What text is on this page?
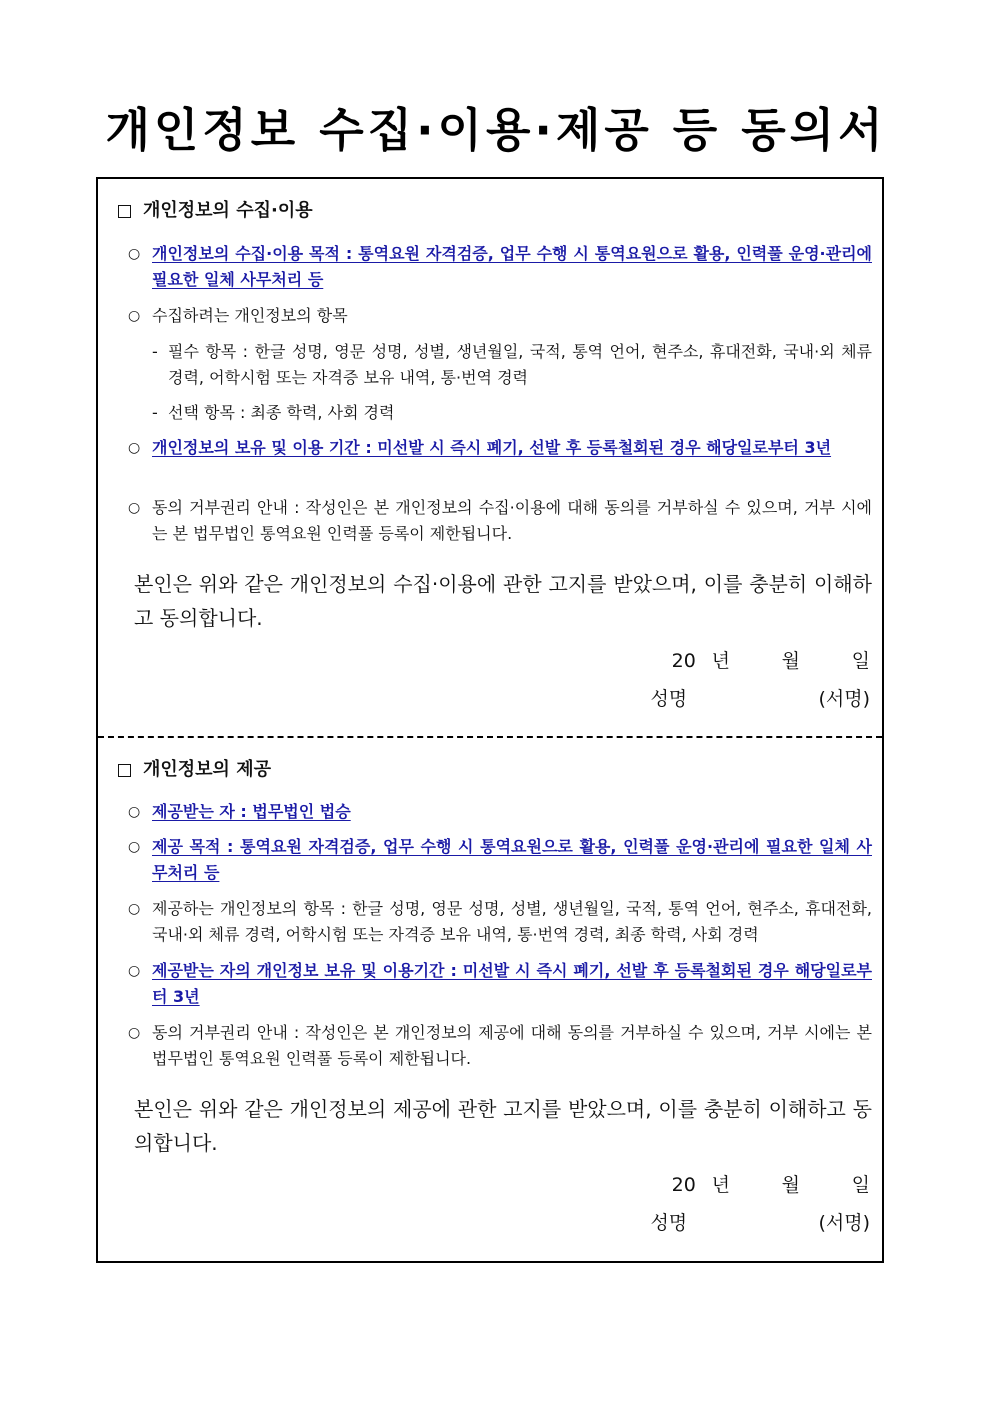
개인정보 수집·이용·제공 등 동의서
개인정보의 수집·이용
○ 개인정보의 수집·이용 목적 : 통역요원 자격검증, 업무 수행 시 통역요원으로 활용, 인력풀 운영·관리에 필요한 일체 사무처리 등
○ 수집하려는 개인정보의 항목
- 필수 항목 : 한글 성명, 영문 성명, 성별, 생년월일, 국적, 통역 언어, 현주소, 휴대전화, 국내·외 체류 경력, 어학시험 또는 자격증 보유 내역, 통·번역 경력
- 선택 항목 : 최종 학력, 사회 경력
○ 개인정보의 보유 및 이용 기간 : 미선발 시 즉시 폐기, 선발 후 등록철회된 경우 해당일로부터 3년
○ 동의 거부권리 안내 : 작성인은 본 개인정보의 수집·이용에 대해 동의를 거부하실 수 있으며, 거부 시에는 본 법무법인 통역요원 인력풀 등록이 제한됩니다.
본인은 위와 같은 개인정보의 수집·이용에 관한 고지를 받았으며, 이를 충분히 이해하고 동의합니다.
20 년	월	일
성명	(서명)
개인정보의 제공
○ 제공받는 자 : 법무법인 법승
○ 제공 목적 : 통역요원 자격검증, 업무 수행 시 통역요원으로 활용, 인력풀 운영·관리에 필요한 일체 사무처리 등
○ 제공하는 개인정보의 항목 : 한글 성명, 영문 성명, 성별, 생년월일, 국적, 통역 언어, 현주소, 휴대전화, 국내·외 체류 경력, 어학시험 또는 자격증 보유 내역, 통·번역 경력, 최종 학력, 사회 경력
○ 제공받는 자의 개인정보 보유 및 이용기간 : 미선발 시 즉시 폐기, 선발 후 등록철회된 경우 해당일로부터 3년
○ 동의 거부권리 안내 : 작성인은 본 개인정보의 제공에 대해 동의를 거부하실 수 있으며, 거부 시에는 본 법무법인 통역요원 인력풀 등록이 제한됩니다.
본인은 위와 같은 개인정보의 제공에 관한 고지를 받았으며, 이를 충분히 이해하고 동의합니다.
20 년	월	일
성명	(서명)
